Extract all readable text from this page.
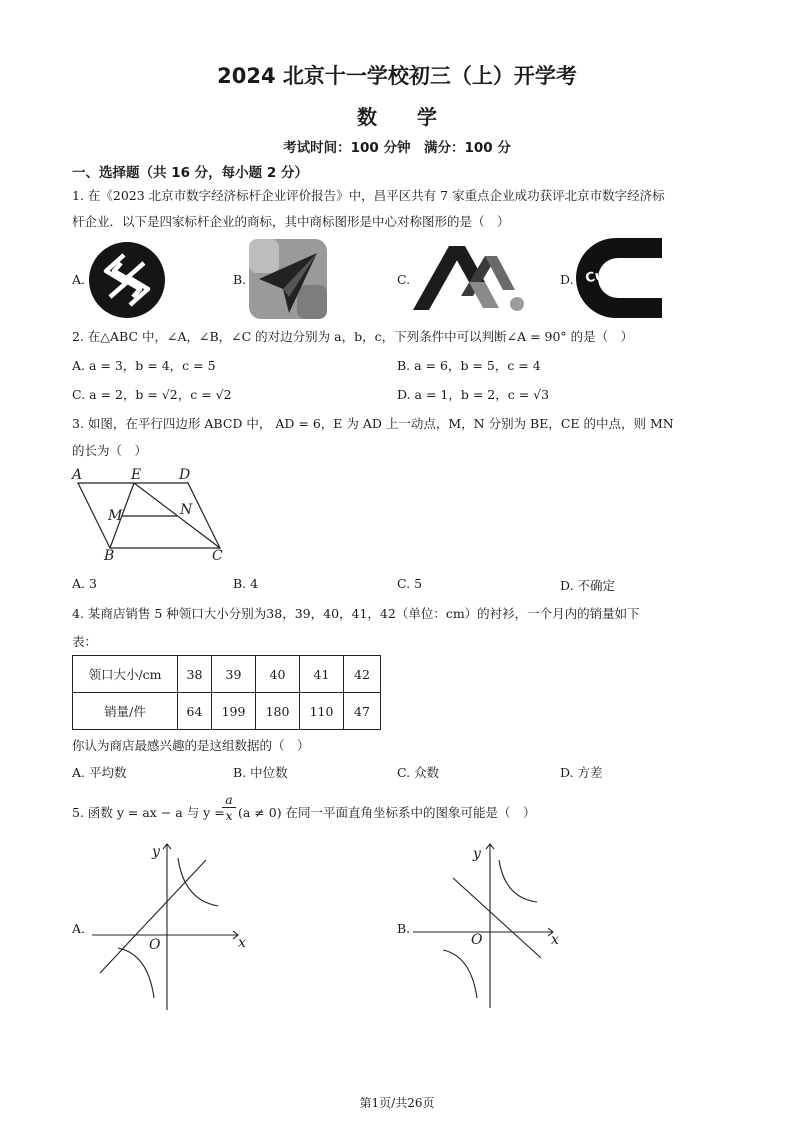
2024 北京十一学校初三（上）开学考
数学
考试时间：100 分钟　满分：100 分
一、选择题（共 16 分，每小题 2 分）
1. 在《2023 北京市数字经济标杆企业评价报告》中，昌平区共有 7 家重点企业成功获评北京市数字经济标
杆企业．以下是四家标杆企业的商标，其中商标图形是中心对称图形的是（　）
A.	B.	C.	D. Cummins
2. 在△ABC 中，∠A，∠B，∠C 的对边分别为 a，b，c，下列条件中可以判断∠A = 90° 的是（　）
A. a = 3，b = 4，c = 5	B. a = 6，b = 5，c = 4
C. a = 2，b = √2，c = √2	D. a = 1，b = 2，c = √3
3. 如图，在平行四边形 ABCD 中， AD = 6，E 为 AD 上一动点，M，N 分别为 BE，CE 的中点，则 MN
的长为（　）
A	E	D
M	N
B	C
A. 3	B. 4	C. 5	D. 不确定
4. 某商店销售 5 种领口大小分别为38，39，40，41，42（单位：cm）的衬衫，一个月内的销量如下
表：
领口大小/cm	38	39	40	41	42
销量/件	64	199	180	110	47
你认为商店最感兴趣的是这组数据的（　）
A. 平均数	B. 中位数	C. 众数	D. 方差
5. 函数 y = ax − a 与 y =
$\frac{a}{x} (a \ne 0)$ 在同一平面直角坐标系中的图象可能是（　）
A.
y
x
O
B.
y
x
O
第1页/共26页
